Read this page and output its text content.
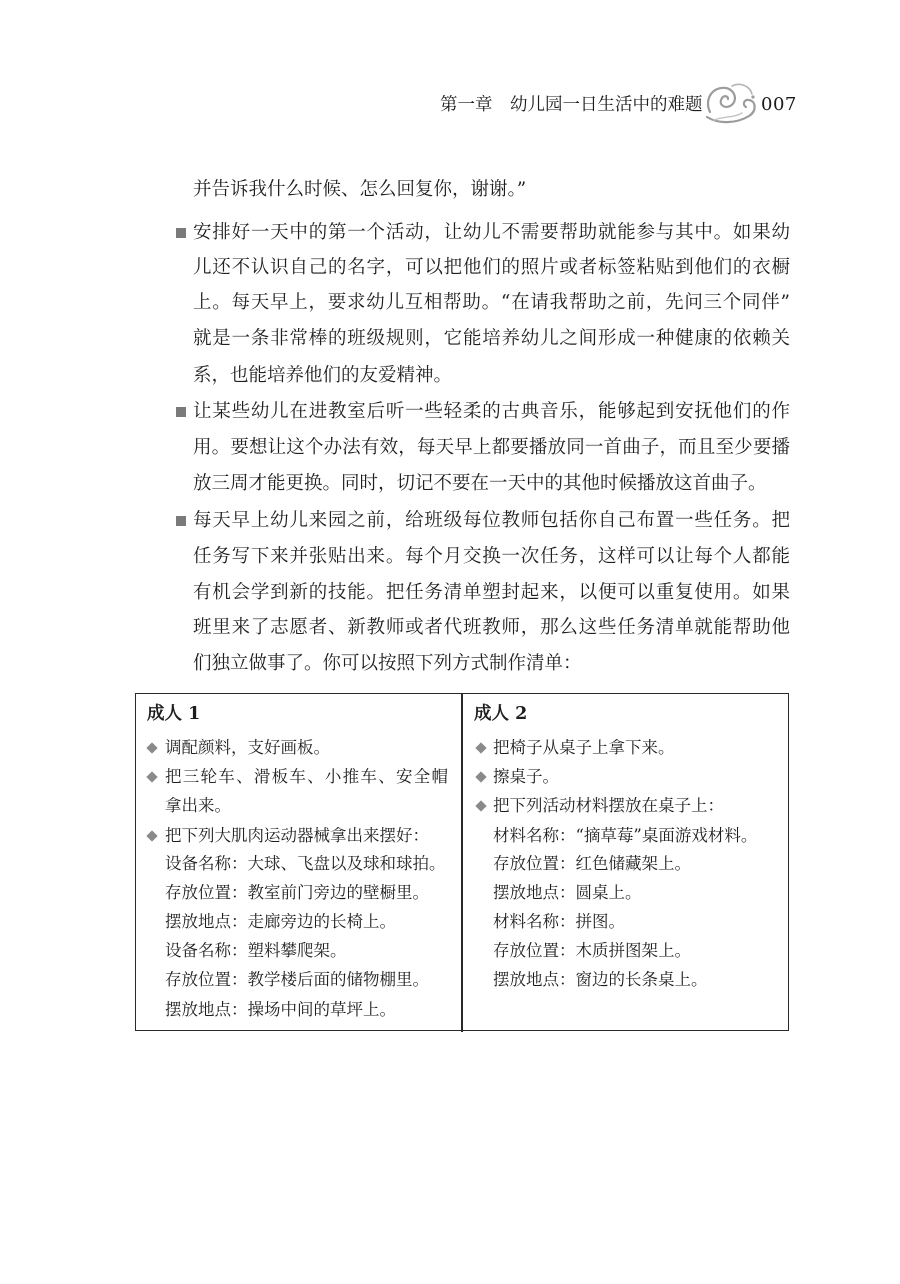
第一章 幼儿园一日生活中的难题	007
并告诉我什么时候、怎么回复你，谢谢。”
安排好一天中的第一个活动，让幼儿不需要帮助就能参与其中。如果幼
儿还不认识自己的名字，可以把他们的照片或者标签粘贴到他们的衣橱
上。每天早上，要求幼儿互相帮助。“在请我帮助之前，先问三个同伴”
就是一条非常棒的班级规则，它能培养幼儿之间形成一种健康的依赖关
系，也能培养他们的友爱精神。
让某些幼儿在进教室后听一些轻柔的古典音乐，能够起到安抚他们的作
用。要想让这个办法有效，每天早上都要播放同一首曲子，而且至少要播
放三周才能更换。同时，切记不要在一天中的其他时候播放这首曲子。
每天早上幼儿来园之前，给班级每位教师包括你自己布置一些任务。把
任务写下来并张贴出来。每个月交换一次任务，这样可以让每个人都能
有机会学到新的技能。把任务清单塑封起来，以便可以重复使用。如果
班里来了志愿者、新教师或者代班教师，那么这些任务清单就能帮助他
们独立做事了。你可以按照下列方式制作清单：
成人 1
调配颜料，支好画板。
把三轮车、滑板车、小推车、安全帽
拿出来。
把下列大肌肉运动器械拿出来摆好：
设备名称：大球、飞盘以及球和球拍。
存放位置：教室前门旁边的壁橱里。
摆放地点：走廊旁边的长椅上。
设备名称：塑料攀爬架。
存放位置：教学楼后面的储物棚里。
摆放地点：操场中间的草坪上。
成人 2
把椅子从桌子上拿下来。
擦桌子。
把下列活动材料摆放在桌子上：
材料名称：“摘草莓”桌面游戏材料。
存放位置：红色储藏架上。
摆放地点：圆桌上。
材料名称：拼图。
存放位置：木质拼图架上。
摆放地点：窗边的长条桌上。
